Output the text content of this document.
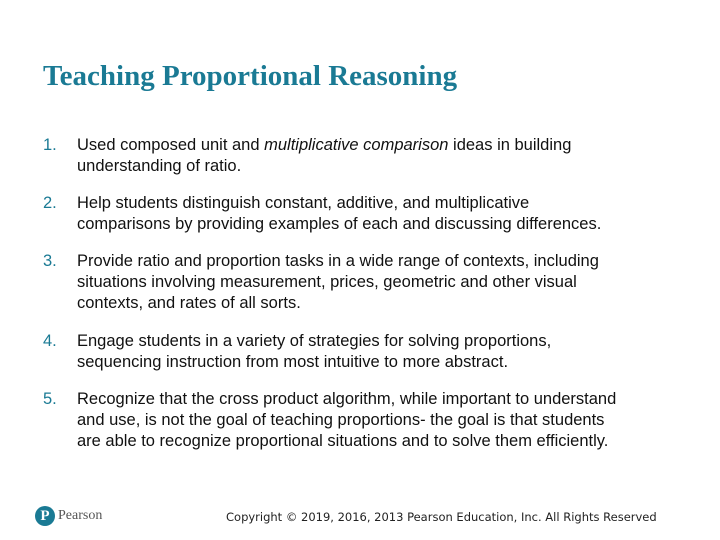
Teaching Proportional Reasoning
1. Used composed unit and multiplicative comparison ideas in building
understanding of ratio.
2. Help students distinguish constant, additive, and multiplicative
comparisons by providing examples of each and discussing differences.
3. Provide ratio and proportion tasks in a wide range of contexts, including
situations involving measurement, prices, geometric and other visual
contexts, and rates of all sorts.
4. Engage students in a variety of strategies for solving proportions,
sequencing instruction from most intuitive to more abstract.
5. Recognize that the cross product algorithm, while important to understand
and use, is not the goal of teaching proportions- the goal is that students
are able to recognize proportional situations and to solve them efficiently.
P Pearson	Copyright © 2019, 2016, 2013 Pearson Education, Inc. All Rights Reserved
